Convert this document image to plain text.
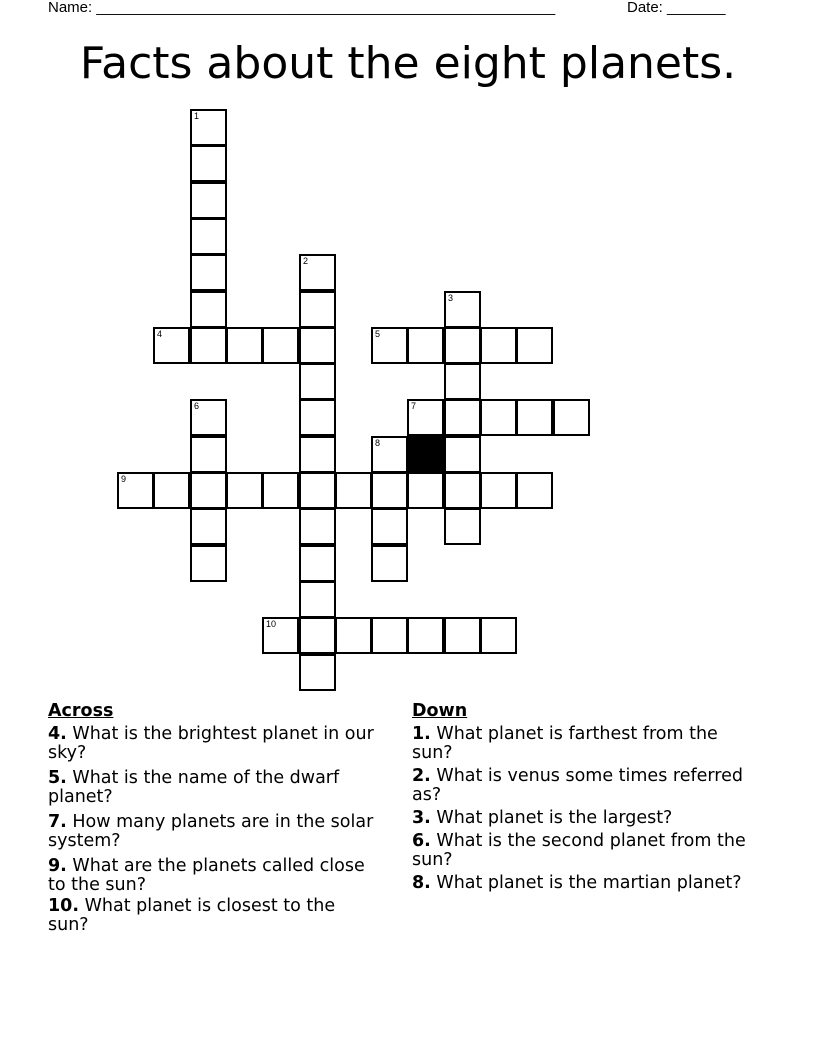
Name: _______________________________________________________	Date: _______
Facts about the eight planets.
1
2
3
4	5
6	7
8
9
10
Across
4. What is the brightest planet in our sky?
5. What is the name of the dwarf planet?
7. How many planets are in the solar system?
9. What are the planets called close to the sun?
10. What planet is closest to the sun?
Down
1. What planet is farthest from the sun?
2. What is venus some times referred as?
3. What planet is the largest?
6. What is the second planet from the sun?
8. What planet is the martian planet?
